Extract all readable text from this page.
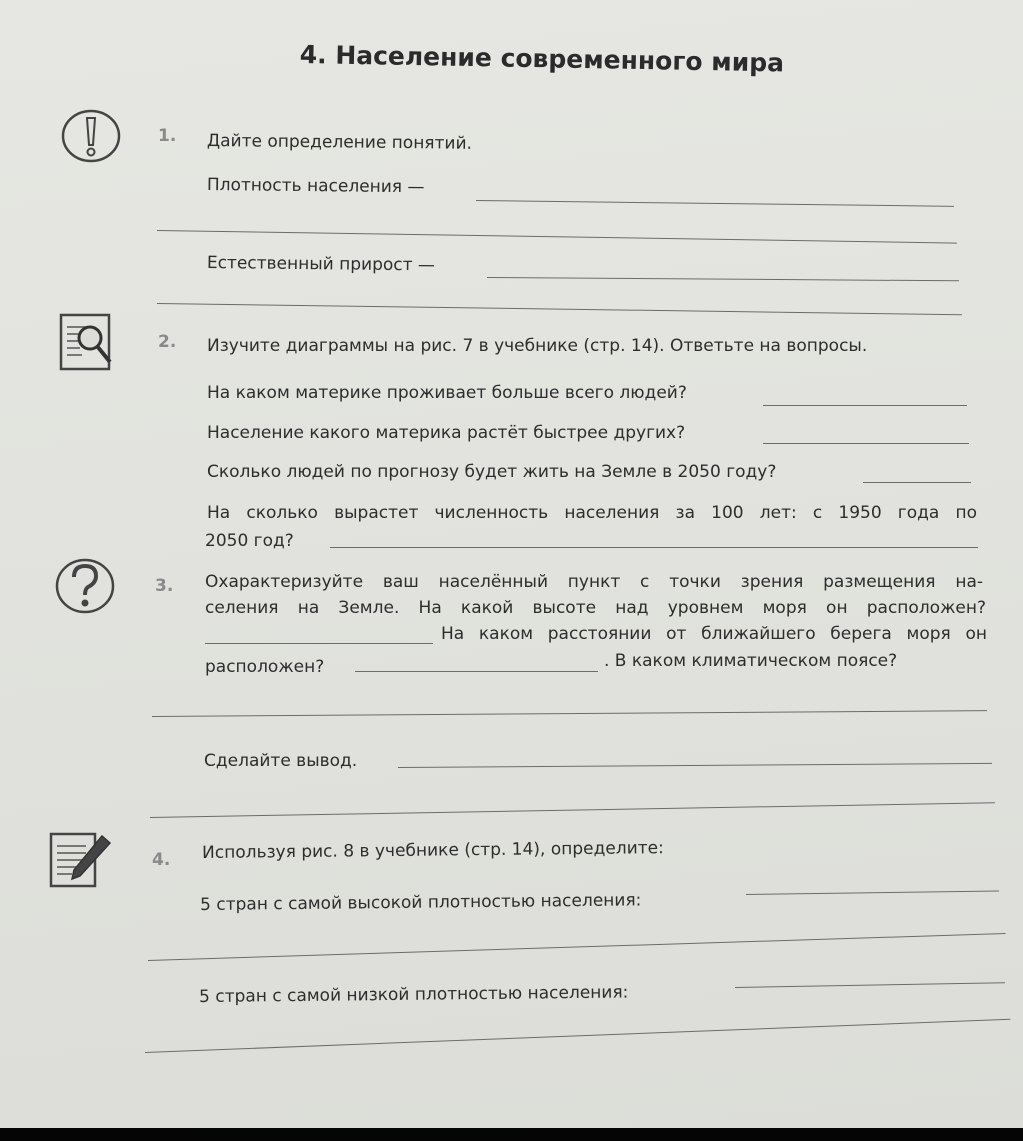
4. Население современного мира
1. Дайте определение понятий.
Плотность населения —
Естественный прирост —
2. Изучите диаграммы на рис. 7 в учебнике (стр. 14). Ответьте на вопросы.
На каком материке проживает больше всего людей?
Население какого материка растёт быстрее других?
Сколько людей по прогнозу будет жить на Земле в 2050 году?
На сколько вырастет численность населения за 100 лет: с 1950 года по
2050 год?
3. Охарактеризуйте ваш населённый пункт с точки зрения размещения на-
селения на Земле. На какой высоте над уровнем моря он расположен?
На каком расстоянии от ближайшего берега моря он
расположен?	. В каком климатическом поясе?
Сделайте вывод.
4. Используя рис. 8 в учебнике (стр. 14), определите:
5 стран с самой высокой плотностью населения:
5 стран с самой низкой плотностью населения:
